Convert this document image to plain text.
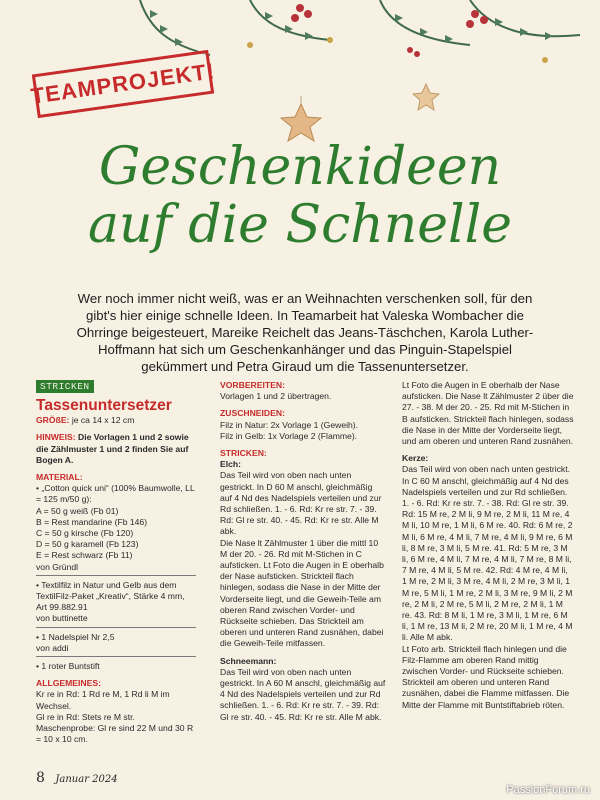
TEAMPROJEKT!
Geschenkideen
auf die Schnelle
Wer noch immer nicht weiß, was er an Weihnachten verschenken soll, für den gibt's hier einige schnelle Ideen. In Teamarbeit hat Valeska Wombacher die Ohrringe beigesteuert, Mareike Reichelt das Jeans-Täschchen, Karola Luther-Hoffmann hat sich um Geschenkanhänger und das Pinguin-Stapelspiel gekümmert und Petra Giraud um die Tassenuntersetzer.
STRICKEN
Tassenuntersetzer

GRÖßE: je ca 14 x 12 cm

HINWEIS: Die Vorlagen 1 und 2 sowie die Zählmuster 1 und 2 finden Sie auf Bogen A.

MATERIAL:
• „Cotton quick uni“ (100% Baumwolle, LL = 125 m/50 g):
A = 50 g weiß (Fb 01)
B = Rest mandarine (Fb 146)
C = 50 g kirsche (Fb 120)
D = 50 g karamell (Fb 123)
E = Rest schwarz (Fb 11)
von Gründl
• Textilfilz in Natur und Gelb aus dem TextilFilz-Paket „Kreativ“, Stärke 4 mm, Art 99.882.91
von buttinette
• 1 Nadelspiel Nr 2,5
von addi

• 1 roter Buntstift

ALLGEMEINES:
Kr re in Rd: 1 Rd re M, 1 Rd li M im Wechsel.
Gl re in Rd: Stets re M str.
Maschenprobe: Gl re sind 22 M und 30 R = 10 x 10 cm.
VORBEREITEN:

Vorlagen 1 und 2 übertragen.

ZUSCHNEIDEN:
Filz in Natur: 2x Vorlage 1 (Geweih).

Filz in Gelb: 1x Vorlage 2 (Flamme).

STRICKEN:
Elch:
Das Teil wird von oben nach unten gestrickt. In D 60 M anschl, gleichmäßig auf 4 Nd des Nadelspiels verteilen und zur Rd schließen. 1. - 6. Rd: Kr re str. 7. - 39. Rd: Gl re str. 40. - 45. Rd: Kr re str. Alle M abk.

Die Nase lt Zählmuster 1 über die mittl 10 M der 20. - 26. Rd mit M-Stichen in C aufsticken. Lt Foto die Augen in E oberhalb der Nase aufsticken. Strickteil flach hinlegen, sodass die Nase in der Mitte der Vorderseite liegt, und die Geweih-Teile am oberen Rand zwischen Vorder- und Rückseite schieben. Das Strickteil am oberen und unteren Rand zusnähen, dabei die Geweih-Teile mitfassen.

Schneemann:
Das Teil wird von oben nach unten gestrickt. In A 60 M anschl, gleichmäßig auf 4 Nd des Nadelspiels verteilen und zur Rd schließen. 1. - 6. Rd: Kr re str. 7. - 39. Rd: Gl re str. 40. - 45. Rd: Kr re str. Alle M abk.

Lt Foto die Augen in E oberhalb der Nase aufsticken. Die Nase lt Zählmuster 2 über die 27. - 38. M der 20. - 25. Rd mit M-Stichen in B aufsticken. Strickteil flach hinlegen, sodass die Nase in der Mitte der Vorderseite liegt, und am oberen und unteren Rand zusnähen.

Kerze:
Das Teil wird von oben nach unten gestrickt. In C 60 M anschl, gleichmäßig auf 4 Nd des Nadelspiels verteilen und zur Rd schließen. 1. - 6. Rd: Kr re str. 7. - 38. Rd: Gl re str. 39. Rd: 15 M re, 2 M li, 9 M re, 2 M li, 11 M re, 4 M li, 10 M re, 1 M li, 6 M re. 40. Rd: 6 M re, 2 M li, 6 M re, 4 M li, 7 M re, 4 M li, 9 M re, 6 M li, 8 M re, 3 M li, 5 M re. 41. Rd: 5 M re, 3 M li, 6 M re, 4 M li, 7 M re, 4 M li, 7 M re, 8 M li, 7 M re, 4 M li, 5 M re. 42. Rd: 4 M re, 4 M li, 1 M re, 2 M li, 3 M re, 4 M li, 2 M re, 3 M li, 1 M re, 5 M li, 1 M re, 2 M li, 3 M re, 9 M li, 2 M re, 2 M li, 2 M re, 5 M li, 2 M re, 2 M li, 1 M re. 43. Rd: 8 M li, 1 M re, 3 M li, 1 M re, 6 M li, 1 M re, 13 M li, 2 M re, 20 M li, 1 M re, 4 M li. Alle M abk.
Lt Foto arb. Strickteil flach hinlegen und die Filz-Flamme am oberen Rand mittig zwischen Vorder- und Rückseite schieben. Strickteil am oberen und unteren Rand zusnähen, dabei die Flamme mitfassen. Die Mitte der Flamme mit Buntstiftabrieb röten.
8 Januar 2024
PassionForum.ru
